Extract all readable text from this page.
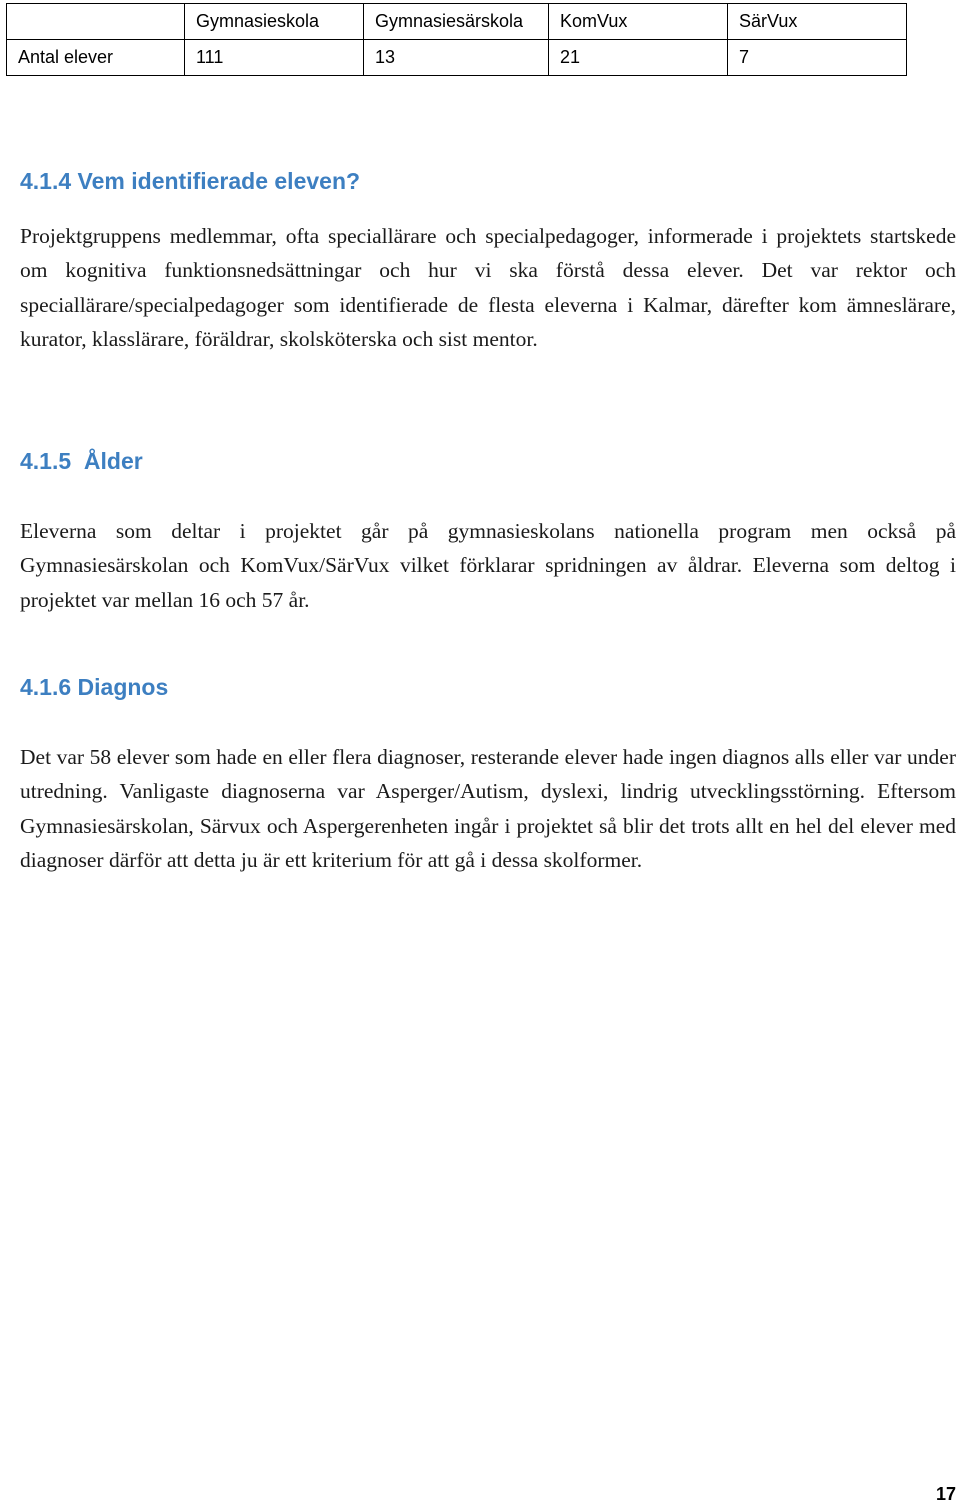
	Gymnasieskola	Gymnasiesärskola	KomVux	SärVux
Antal elever	111	13	21	7
4.1.4 Vem identifierade eleven?

Projektgruppens medlemmar, ofta speciallärare och specialpedagoger, informerade i projektets startskede om kognitiva funktionsnedsättningar och hur vi ska förstå dessa elever. Det var rektor och speciallärare/specialpedagoger som identifierade de flesta eleverna i Kalmar, därefter kom ämneslärare, kurator, klasslärare, föräldrar, skolsköterska och sist mentor.

4.1.5  Ålder

Eleverna som deltar i projektet går på gymnasieskolans nationella program men också på Gymnasiesärskolan och KomVux/SärVux vilket förklarar spridningen av åldrar. Eleverna som deltog i projektet var mellan 16 och 57 år.

4.1.6 Diagnos

Det var 58 elever som hade en eller flera diagnoser, resterande elever hade ingen diagnos alls eller var under utredning. Vanligaste diagnoserna var Asperger/Autism, dyslexi, lindrig utvecklingsstörning. Eftersom Gymnasiesärskolan, Särvux och Aspergerenheten ingår i projektet så blir det trots allt en hel del elever med diagnoser därför att detta ju är ett kriterium för att gå i dessa skolformer.

17
